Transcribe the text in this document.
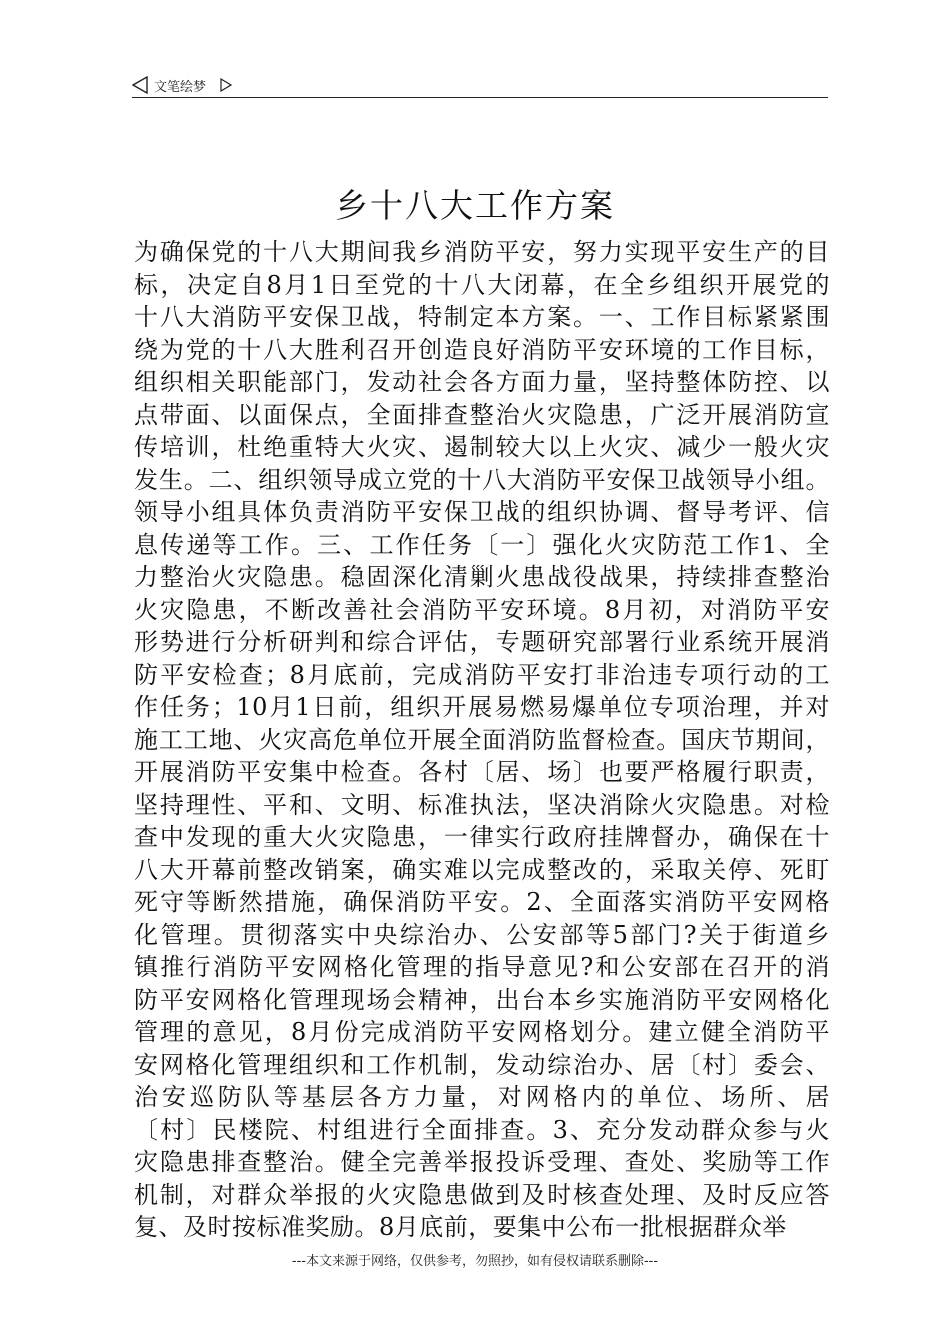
文笔绘梦
乡十八大工作方案
为确保党的十八大期间我乡消防平安，努力实现平安生产的目
标，决定自8月1日至党的十八大闭幕，在全乡组织开展党的
十八大消防平安保卫战，特制定本方案。一、工作目标紧紧围
绕为党的十八大胜利召开创造良好消防平安环境的工作目标，
组织相关职能部门，发动社会各方面力量，坚持整体防控、以
点带面、以面保点，全面排查整治火灾隐患，广泛开展消防宣
传培训，杜绝重特大火灾、遏制较大以上火灾、减少一般火灾
发生。二、组织领导成立党的十八大消防平安保卫战领导小组。
领导小组具体负责消防平安保卫战的组织协调、督导考评、信
息传递等工作。三、工作任务〔一〕强化火灾防范工作1、全
力整治火灾隐患。稳固深化清剿火患战役战果，持续排查整治
火灾隐患，不断改善社会消防平安环境。8月初，对消防平安
形势进行分析研判和综合评估，专题研究部署行业系统开展消
防平安检查；8月底前，完成消防平安打非治违专项行动的工
作任务；10月1日前，组织开展易燃易爆单位专项治理，并对
施工工地、火灾高危单位开展全面消防监督检查。国庆节期间，
开展消防平安集中检查。各村〔居、场〕也要严格履行职责，
坚持理性、平和、文明、标准执法，坚决消除火灾隐患。对检
查中发现的重大火灾隐患，一律实行政府挂牌督办，确保在十
八大开幕前整改销案，确实难以完成整改的，采取关停、死盯
死守等断然措施，确保消防平安。2、全面落实消防平安网格
化管理。贯彻落实中央综治办、公安部等5部门?关于街道乡
镇推行消防平安网格化管理的指导意见?和公安部在召开的消
防平安网格化管理现场会精神，出台本乡实施消防平安网格化
管理的意见，8月份完成消防平安网格划分。建立健全消防平
安网格化管理组织和工作机制，发动综治办、居〔村〕委会、
治安巡防队等基层各方力量，对网格内的单位、场所、居
〔村〕民楼院、村组进行全面排查。3、充分发动群众参与火
灾隐患排查整治。健全完善举报投诉受理、查处、奖励等工作
机制，对群众举报的火灾隐患做到及时核查处理、及时反应答
复、及时按标准奖励。8月底前，要集中公布一批根据群众举
---本文来源于网络，仅供参考，勿照抄，如有侵权请联系删除---
